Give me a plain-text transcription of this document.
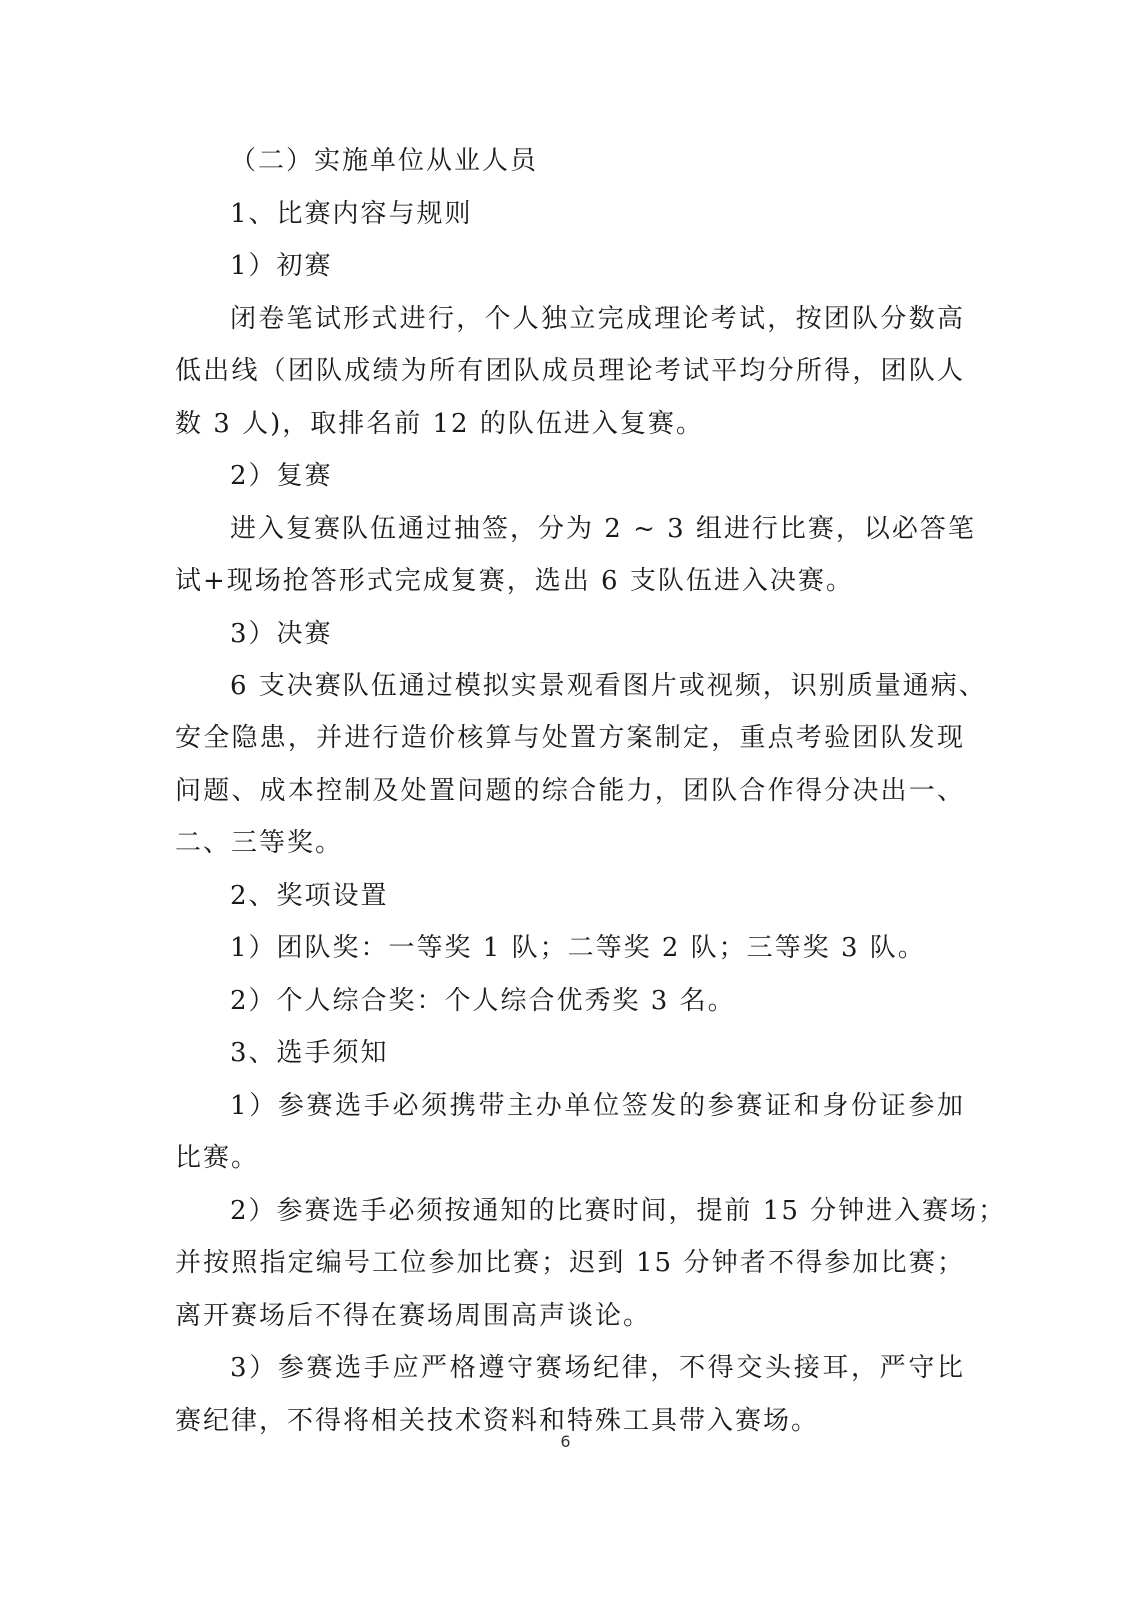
（二）实施单位从业人员
1、比赛内容与规则
1）初赛
闭卷笔试形式进行，个人独立完成理论考试，按团队分数高
低出线（团队成绩为所有团队成员理论考试平均分所得，团队人
数 3 人)，取排名前 12 的队伍进入复赛。
2）复赛
进入复赛队伍通过抽签，分为 2 ~ 3 组进行比赛，以必答笔
试+现场抢答形式完成复赛，选出 6 支队伍进入决赛。
3）决赛
6 支决赛队伍通过模拟实景观看图片或视频，识别质量通病、
安全隐患，并进行造价核算与处置方案制定，重点考验团队发现
问题、成本控制及处置问题的综合能力，团队合作得分决出一、
二、三等奖。
2、奖项设置
1）团队奖：一等奖 1 队；二等奖 2 队；三等奖 3 队。
2）个人综合奖：个人综合优秀奖 3 名。
3、选手须知
1）参赛选手必须携带主办单位签发的参赛证和身份证参加
比赛。
2）参赛选手必须按通知的比赛时间，提前 15 分钟进入赛场；
并按照指定编号工位参加比赛；迟到 15 分钟者不得参加比赛；
离开赛场后不得在赛场周围高声谈论。
3）参赛选手应严格遵守赛场纪律，不得交头接耳，严守比
赛纪律，不得将相关技术资料和特殊工具带入赛场。
6
